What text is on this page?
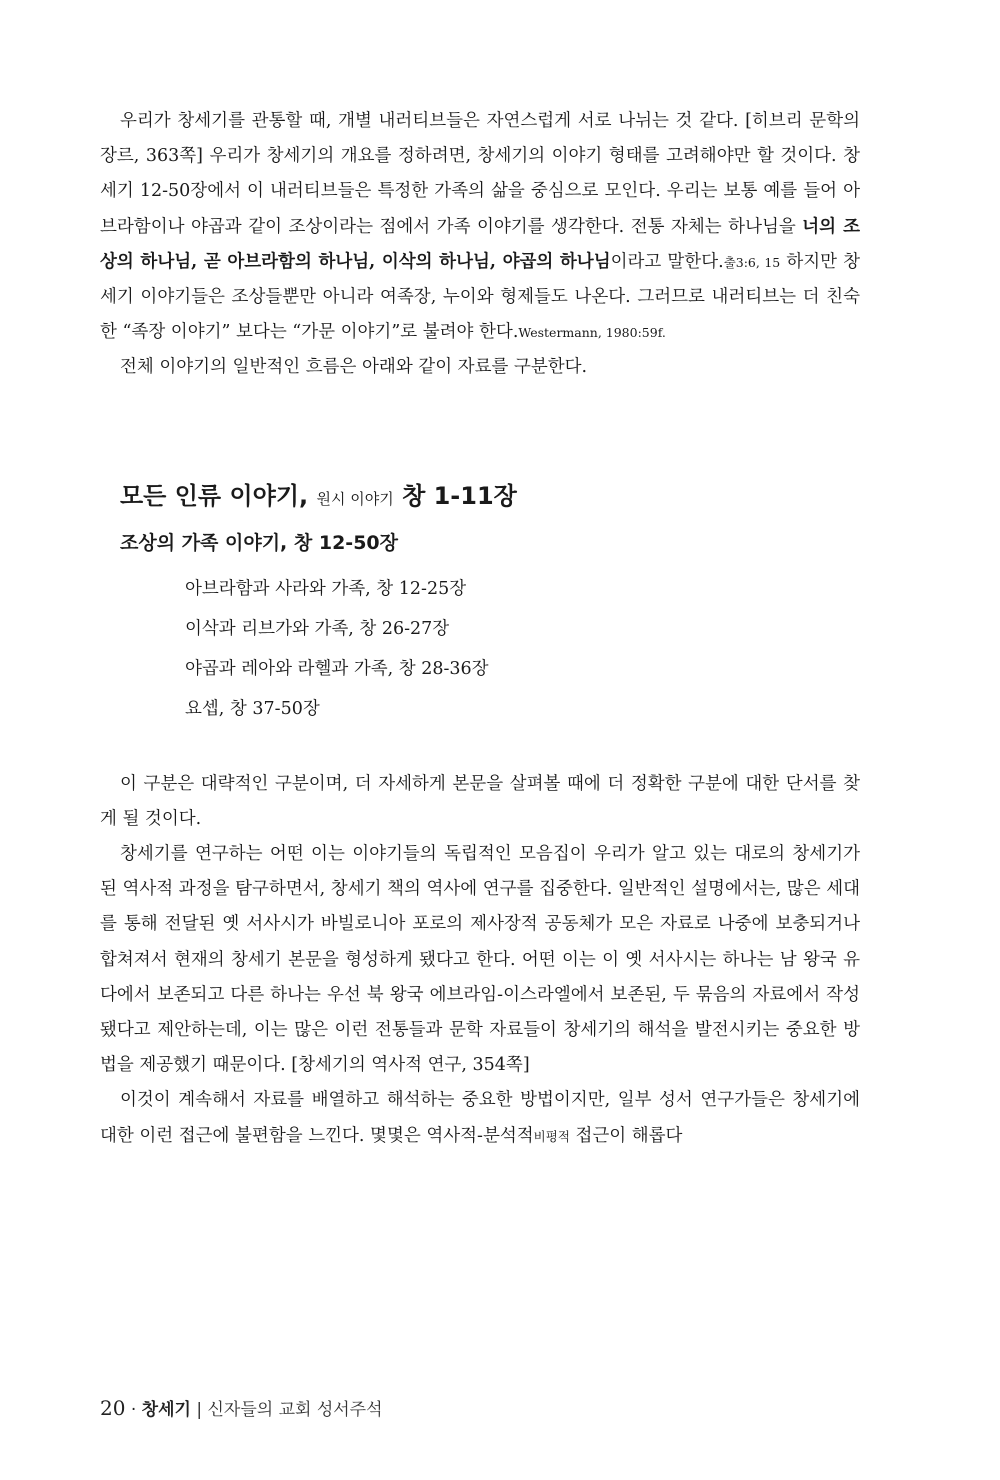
우리가 창세기를 관통할 때, 개별 내러티브들은 자연스럽게 서로 나뉘는 것 같다. [히브리 문학의 장르, 363쪽] 우리가 창세기의 개요를 정하려면, 창세기의 이야기 형태를 고려해야만 할 것이다. 창세기 12-50장에서 이 내러티브들은 특정한 가족의 삶을 중심으로 모인다. 우리는 보통 예를 들어 아브라함이나 야곱과 같이 조상이라는 점에서 가족 이야기를 생각한다. 전통 자체는 하나님을 너의 조상의 하나님, 곧 아브라함의 하나님, 이삭의 하나님, 야곱의 하나님이라고 말한다.출3:6, 15 하지만 창세기 이야기들은 조상들뿐만 아니라 여족장, 누이와 형제들도 나온다. 그러므로 내러티브는 더 친숙한 “족장 이야기” 보다는 “가문 이야기”로 불려야 한다.Westermann, 1980:59f.

전체 이야기의 일반적인 흐름은 아래와 같이 자료를 구분한다.

모든 인류 이야기, 원시 이야기 창 1-11장
조상의 가족 이야기, 창 12-50장
아브라함과 사라와 가족, 창 12-25장
이삭과 리브가와 가족, 창 26-27장
야곱과 레아와 라헬과 가족, 창 28-36장
요셉, 창 37-50장

이 구분은 대략적인 구분이며, 더 자세하게 본문을 살펴볼 때에 더 정확한 구분에 대한 단서를 찾게 될 것이다.

창세기를 연구하는 어떤 이는 이야기들의 독립적인 모음집이 우리가 알고 있는 대로의 창세기가 된 역사적 과정을 탐구하면서, 창세기 책의 역사에 연구를 집중한다. 일반적인 설명에서는, 많은 세대를 통해 전달된 옛 서사시가 바빌로니아 포로의 제사장적 공동체가 모은 자료로 나중에 보충되거나 합쳐져서 현재의 창세기 본문을 형성하게 됐다고 한다. 어떤 이는 이 옛 서사시는 하나는 남 왕국 유다에서 보존되고 다른 하나는 우선 북 왕국 에브라임-이스라엘에서 보존된, 두 묶음의 자료에서 작성됐다고 제안하는데, 이는 많은 이런 전통들과 문학 자료들이 창세기의 해석을 발전시키는 중요한 방법을 제공했기 때문이다. [창세기의 역사적 연구, 354쪽]

이것이 계속해서 자료를 배열하고 해석하는 중요한 방법이지만, 일부 성서 연구가들은 창세기에 대한 이런 접근에 불편함을 느낀다. 몇몇은 역사적-분석적비평적 접근이 해롭다

20 · 창세기 | 신자들의 교회 성서주석
